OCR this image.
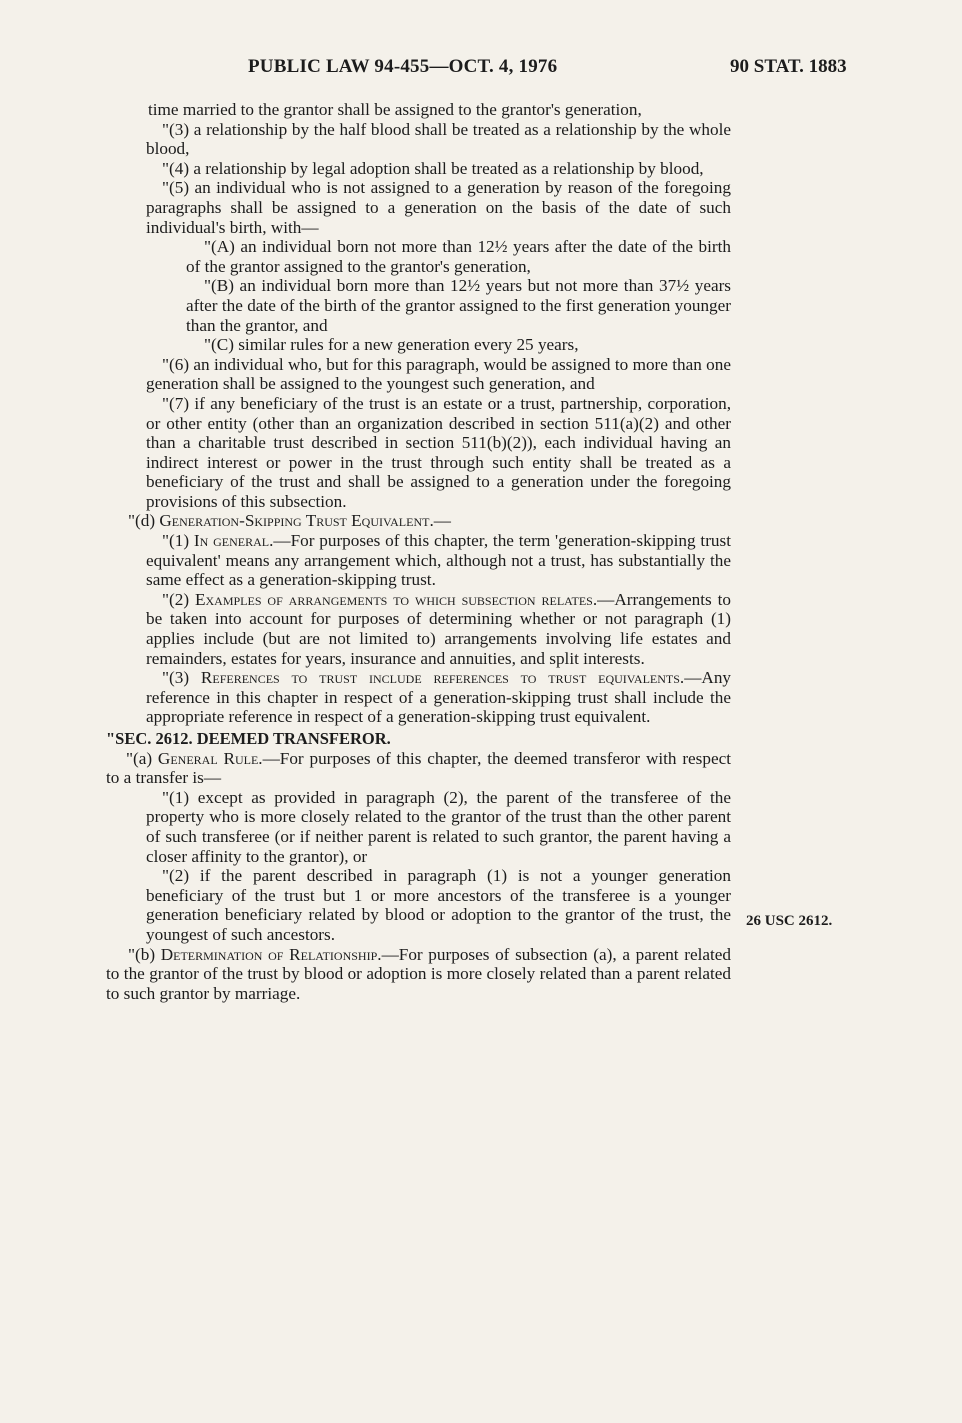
PUBLIC LAW 94-455—OCT. 4, 1976	90 STAT. 1883

time married to the grantor shall be assigned to the grantor's generation,

"(3) a relationship by the half blood shall be treated as a relationship by the whole blood,

"(4) a relationship by legal adoption shall be treated as a relationship by blood,

"(5) an individual who is not assigned to a generation by reason of the foregoing paragraphs shall be assigned to a generation on the basis of the date of such individual's birth, with—

"(A) an individual born not more than 12½ years after the date of the birth of the grantor assigned to the grantor's generation,

"(B) an individual born more than 12½ years but not more than 37½ years after the date of the birth of the grantor assigned to the first generation younger than the grantor, and

"(C) similar rules for a new generation every 25 years,

"(6) an individual who, but for this paragraph, would be assigned to more than one generation shall be assigned to the youngest such generation, and

"(7) if any beneficiary of the trust is an estate or a trust, partnership, corporation, or other entity (other than an organization described in section 511(a)(2) and other than a charitable trust described in section 511(b)(2)), each individual having an indirect interest or power in the trust through such entity shall be treated as a beneficiary of the trust and shall be assigned to a generation under the foregoing provisions of this subsection.

"(d) Generation-Skipping Trust Equivalent.—

"(1) In general.—For purposes of this chapter, the term 'generation-skipping trust equivalent' means any arrangement which, although not a trust, has substantially the same effect as a generation-skipping trust.

"(2) Examples of arrangements to which subsection relates.—Arrangements to be taken into account for purposes of determining whether or not paragraph (1) applies include (but are not limited to) arrangements involving life estates and remainders, estates for years, insurance and annuities, and split interests.

"(3) References to trust include references to trust equivalents.—Any reference in this chapter in respect of a generation-skipping trust shall include the appropriate reference in respect of a generation-skipping trust equivalent.

"SEC. 2612. DEEMED TRANSFEROR.

"(a) General Rule.—For purposes of this chapter, the deemed transferor with respect to a transfer is—

"(1) except as provided in paragraph (2), the parent of the transferee of the property who is more closely related to the grantor of the trust than the other parent of such transferee (or if neither parent is related to such grantor, the parent having a closer affinity to the grantor), or

"(2) if the parent described in paragraph (1) is not a younger generation beneficiary of the trust but 1 or more ancestors of the transferee is a younger generation beneficiary related by blood or adoption to the grantor of the trust, the youngest of such ancestors.

"(b) Determination of Relationship.—For purposes of subsection (a), a parent related to the grantor of the trust by blood or adoption is more closely related than a parent related to such grantor by marriage.

26 USC 2612.
